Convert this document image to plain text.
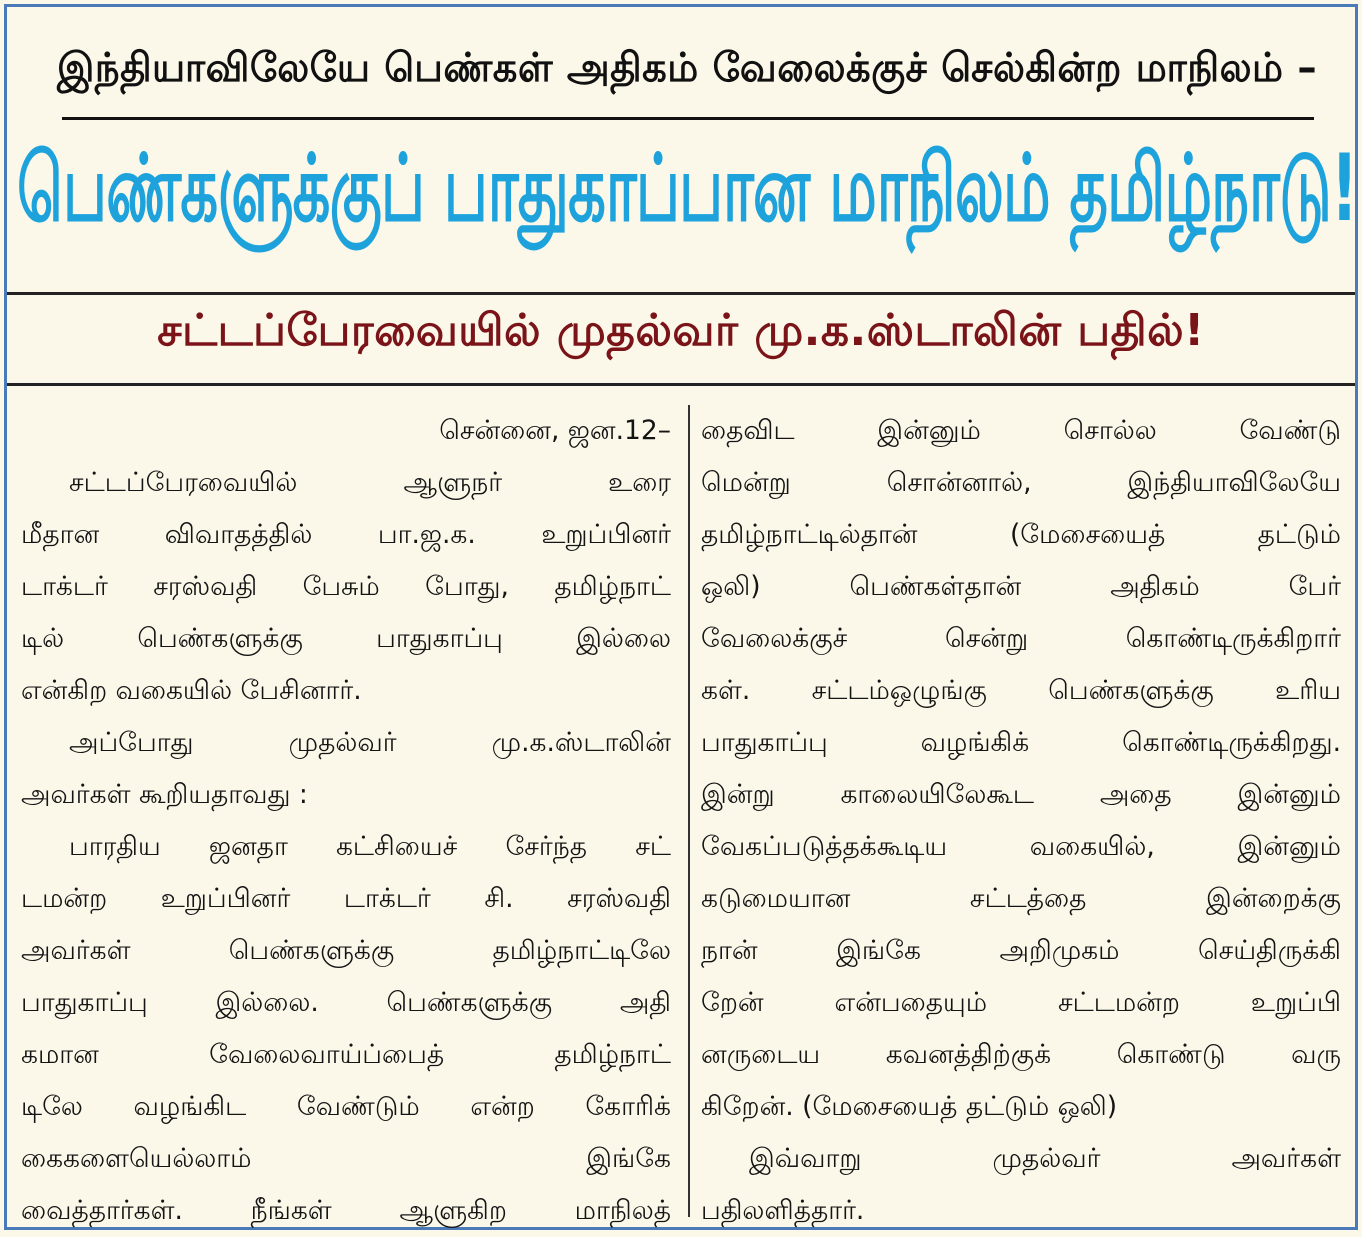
இந்தியாவிலேயே பெண்கள் அதிகம் வேலைக்குச் செல்கின்ற மாநிலம் –
பெண்களுக்குப் பாதுகாப்பான மாநிலம் தமிழ்நாடு!
சட்டப்பேரவையில் முதல்வர் மு.க.ஸ்டாலின் பதில்!
சென்னை, ஜன.12–
சட்டப்பேரவையில் ஆளுநர் உரை
மீதான விவாதத்தில் பா.ஜ.க. உறுப்பினர்
டாக்டர் சரஸ்வதி பேசும் போது, தமிழ்நாட்
டில் பெண்களுக்கு பாதுகாப்பு இல்லை
என்கிற வகையில் பேசினார்.
அப்போது முதல்வர் மு.க.ஸ்டாலின்
அவர்கள் கூறியதாவது :
பாரதிய ஜனதா கட்சியைச் சேர்ந்த சட்
டமன்ற உறுப்பினர் டாக்டர் சி. சரஸ்வதி
அவர்கள் பெண்களுக்கு தமிழ்நாட்டிலே
பாதுகாப்பு இல்லை. பெண்களுக்கு அதி
கமான வேலைவாய்ப்பைத் தமிழ்நாட்
டிலே வழங்கிட வேண்டும் என்ற கோரிக்
கைகளையெல்லாம் இங்கே
வைத்தார்கள். நீங்கள் ஆளுகிற மாநிலத்
தைவிட இன்னும் சொல்ல வேண்டு
மென்று சொன்னால், இந்தியாவிலேயே
தமிழ்நாட்டில்தான் (மேசையைத் தட்டும்
ஒலி) பெண்கள்தான் அதிகம் பேர்
வேலைக்குச் சென்று கொண்டிருக்கிறார்
கள். சட்டம்ஒழுங்கு பெண்களுக்கு உரிய
பாதுகாப்பு வழங்கிக் கொண்டிருக்கிறது.
இன்று காலையிலேகூட அதை இன்னும்
வேகப்படுத்தக்கூடிய வகையில், இன்னும்
கடுமையான சட்டத்தை இன்றைக்கு
நான் இங்கே அறிமுகம் செய்திருக்கி
றேன் என்பதையும் சட்டமன்ற உறுப்பி
னருடைய கவனத்திற்குக் கொண்டு வரு
கிறேன். (மேசையைத் தட்டும் ஒலி)
இவ்வாறு முதல்வர் அவர்கள்
பதிலளித்தார்.
